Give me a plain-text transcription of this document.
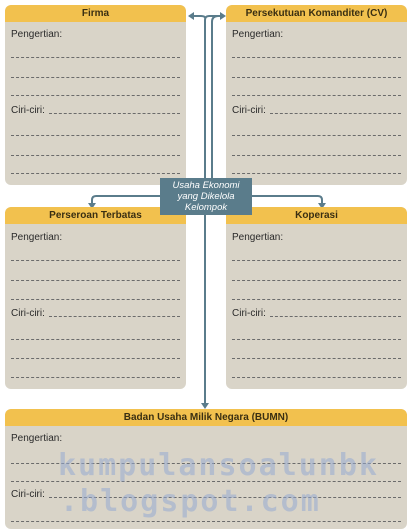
Firma
Pengertian:
Ciri-ciri:
Persekutuan Komanditer (CV)
Pengertian:
Ciri-ciri:
Perseroan Terbatas
Pengertian:
Ciri-ciri:
Koperasi
Pengertian:
Ciri-ciri:
Badan Usaha Milik Negara (BUMN)
Pengertian:
Ciri-ciri:
Usaha Ekonomi
yang Dikelola
Kelompok
kumpulansoalunbk
.blogspot.com
